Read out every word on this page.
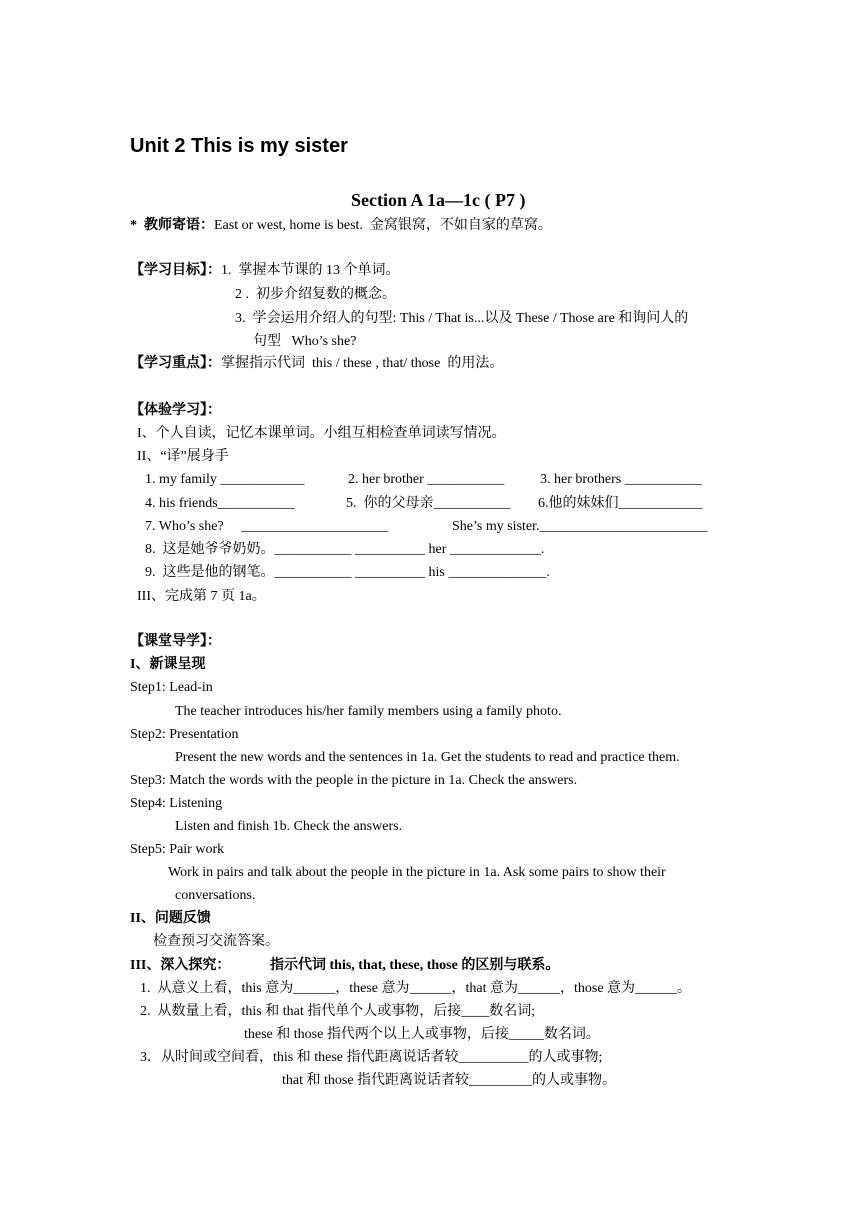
Unit 2 This is my sister
Section A 1a—1c ( P7 )
*  教师寄语：East or west, home is best.  金窝银窝，不如自家的草窝。
【学习目标】：1.  掌握本节课的 13 个单词。
2 .  初步介绍复数的概念。
3.  学会运用介绍人的句型: This / That is...以及 These / Those are 和询问人的
句型   Who’s she?
【学习重点】：掌握指示代词  this / these , that/ those  的用法。
【体验学习】：
I、个人自读，记忆本课单词。小组互相检查单词读写情况。
II、“译”展身手
1. my family ____________	2. her brother ___________	3. her brothers ___________
4. his friends___________	5.  你的父母亲___________ 6.他的妹妹们____________
7. Who’s she?     _____________________	She’s my sister.________________________
8.  这是她爷爷奶奶。___________ __________ her _____________.
9.  这些是他的钢笔。___________ __________ his ______________.
III、完成第 7 页 1a。
【课堂导学】：
I、新课呈现
Step1: Lead-in
The teacher introduces his/her family members using a family photo.
Step2: Presentation
Present the new words and the sentences in 1a. Get the students to read and practice them.
Step3: Match the words with the people in the picture in 1a. Check the answers.
Step4: Listening
Listen and finish 1b. Check the answers.
Step5: Pair work
Work in pairs and talk about the people in the picture in 1a. Ask some pairs to show their
conversations.
II、问题反馈
检查预习交流答案。
III、深入探究：	指示代词 this, that, these, those 的区别与联系。
1.  从意义上看，this 意为______，these 意为______，that 意为______，those 意为______。
2.  从数量上看，this 和 that 指代单个人或事物，后接____数名词;
these 和 those 指代两个以上人或事物，后接_____数名词。
3．从时间或空间看，this 和 these 指代距离说话者较__________的人或事物;
that 和 those 指代距离说话者较_________的人或事物。
